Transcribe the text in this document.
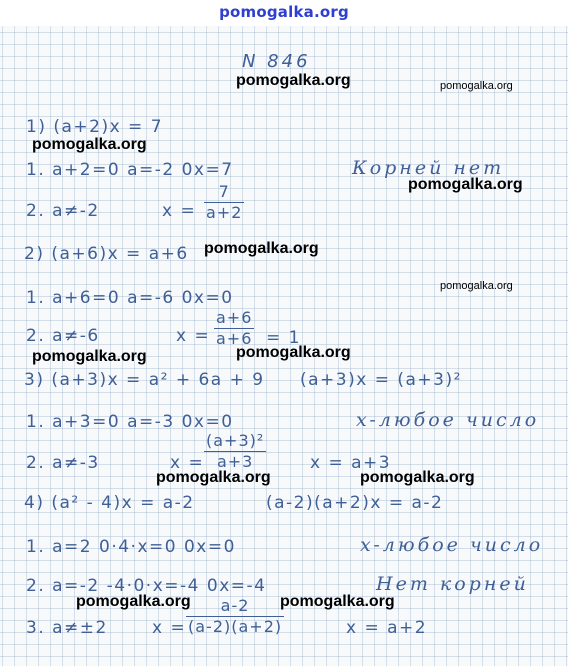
pomogalka.org
N 846
1) (a+2)x = 7
1. a+2=0 a=-2 0x=7	Корней нет
2. a≠-2	x =
7
a+2
2) (a+6)x = a+6
1. a+6=0 a=-6 0x=0
2. a≠-6	x =
a+6
a+6 = 1
3) (a+3)x = a² + 6a + 9 (a+3)x = (a+3)²
1. a+3=0 a=-3 0x=0	x-любое число
2. a≠-3	x =
(a+3)²
a+3	x = a+3
4) (a² - 4)x = a-2	(a-2)(a+2)x = a-2
1. a=2 0·4·x=0 0x=0	x-любое число
2. a=-2 -4·0·x=-4 0x=-4	Нет корней
3. a≠±2	x =
a-2
(a-2)(a+2)	x = a+2
pomogalka.org	pomogalka.org
pomogalka.org
pomogalka.org
pomogalka.org
pomogalka.org
pomogalka.org
pomogalka.org
pomogalka.org	pomogalka.org
pomogalka.org	pomogalka.org
